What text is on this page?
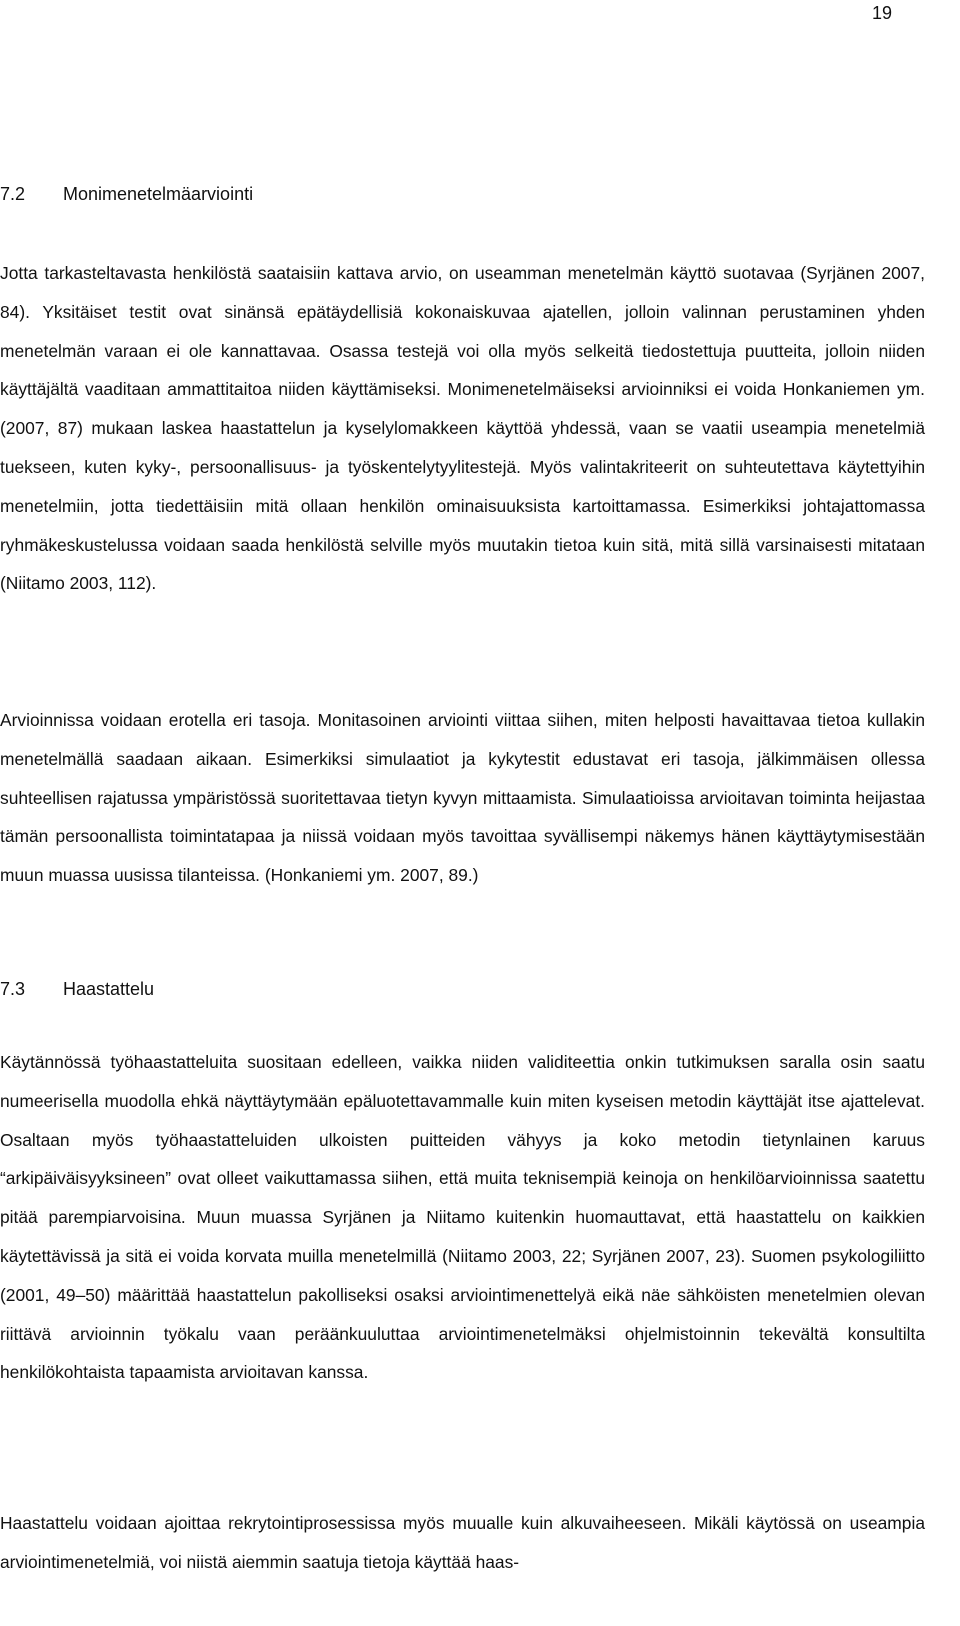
19
7.2 Monimenetelmäarviointi

Jotta tarkasteltavasta henkilöstä saataisiin kattava arvio, on useamman menetelmän käyttö suotavaa (Syrjänen 2007, 84). Yksitäiset testit ovat sinänsä epätäydellisiä kokonaiskuvaa ajatellen, jolloin valinnan perustaminen yhden menetelmän varaan ei ole kannattavaa. Osassa testejä voi olla myös selkeitä tiedostettuja puutteita, jolloin niiden käyttäjältä vaaditaan ammattitaitoa niiden käyttämiseksi. Monimenetelmäiseksi arvioinniksi ei voida Honkaniemen ym. (2007, 87) mukaan laskea haastattelun ja kyselylomakkeen käyttöä yhdessä, vaan se vaatii useampia menetelmiä tuekseen, kuten kyky-, persoonallisuus- ja työskentelytyylitestejä. Myös valintakriteerit on suhteutettava käytettyihin menetelmiin, jotta tiedettäisiin mitä ollaan henkilön ominaisuuksista kartoittamassa. Esimerkiksi johtajattomassa ryhmäkeskustelussa voidaan saada henkilöstä selville myös muutakin tietoa kuin sitä, mitä sillä varsinaisesti mitataan (Niitamo 2003, 112).

Arvioinnissa voidaan erotella eri tasoja. Monitasoinen arviointi viittaa siihen, miten helposti havaittavaa tietoa kullakin menetelmällä saadaan aikaan. Esimerkiksi simulaatiot ja kykytestit edustavat eri tasoja, jälkimmäisen ollessa suhteellisen rajatussa ympäristössä suoritettavaa tietyn kyvyn mittaamista. Simulaatioissa arvioitavan toiminta heijastaa tämän persoonallista toimintatapaa ja niissä voidaan myös tavoittaa syvällisempi näkemys hänen käyttäytymisestään muun muassa uusissa tilanteissa. (Honkaniemi ym. 2007, 89.)

7.3 Haastattelu

Käytännössä työhaastatteluita suositaan edelleen, vaikka niiden validiteettia onkin tutkimuksen saralla osin saatu numeerisella muodolla ehkä näyttäytymään epäluotettavammalle kuin miten kyseisen metodin käyttäjät itse ajattelevat. Osaltaan myös työhaastatteluiden ulkoisten puitteiden vähyys ja koko metodin tietynlainen karuus “arkipäiväisyyksineen” ovat olleet vaikuttamassa siihen, että muita teknisempiä keinoja on henkilöarvioinnissa saatettu pitää parempiarvoisina. Muun muassa Syrjänen ja Niitamo kuitenkin huomauttavat, että haastattelu on kaikkien käytettävissä ja sitä ei voida korvata muilla menetelmillä (Niitamo 2003, 22; Syrjänen 2007, 23). Suomen psykologiliitto (2001, 49–50) määrittää haastattelun pakolliseksi osaksi arviointimenettelyä eikä näe sähköisten menetelmien olevan riittävä arvioinnin työkalu vaan peräänkuuluttaa arviointimenetelmäksi ohjelmistoinnin tekevältä konsultilta henkilökohtaista tapaamista arvioitavan kanssa.

Haastattelu voidaan ajoittaa rekrytointiprosessissa myös muualle kuin alkuvaiheeseen. Mikäli käytössä on useampia arviointimenetelmiä, voi niistä aiemmin saatuja tietoja käyttää haas-
